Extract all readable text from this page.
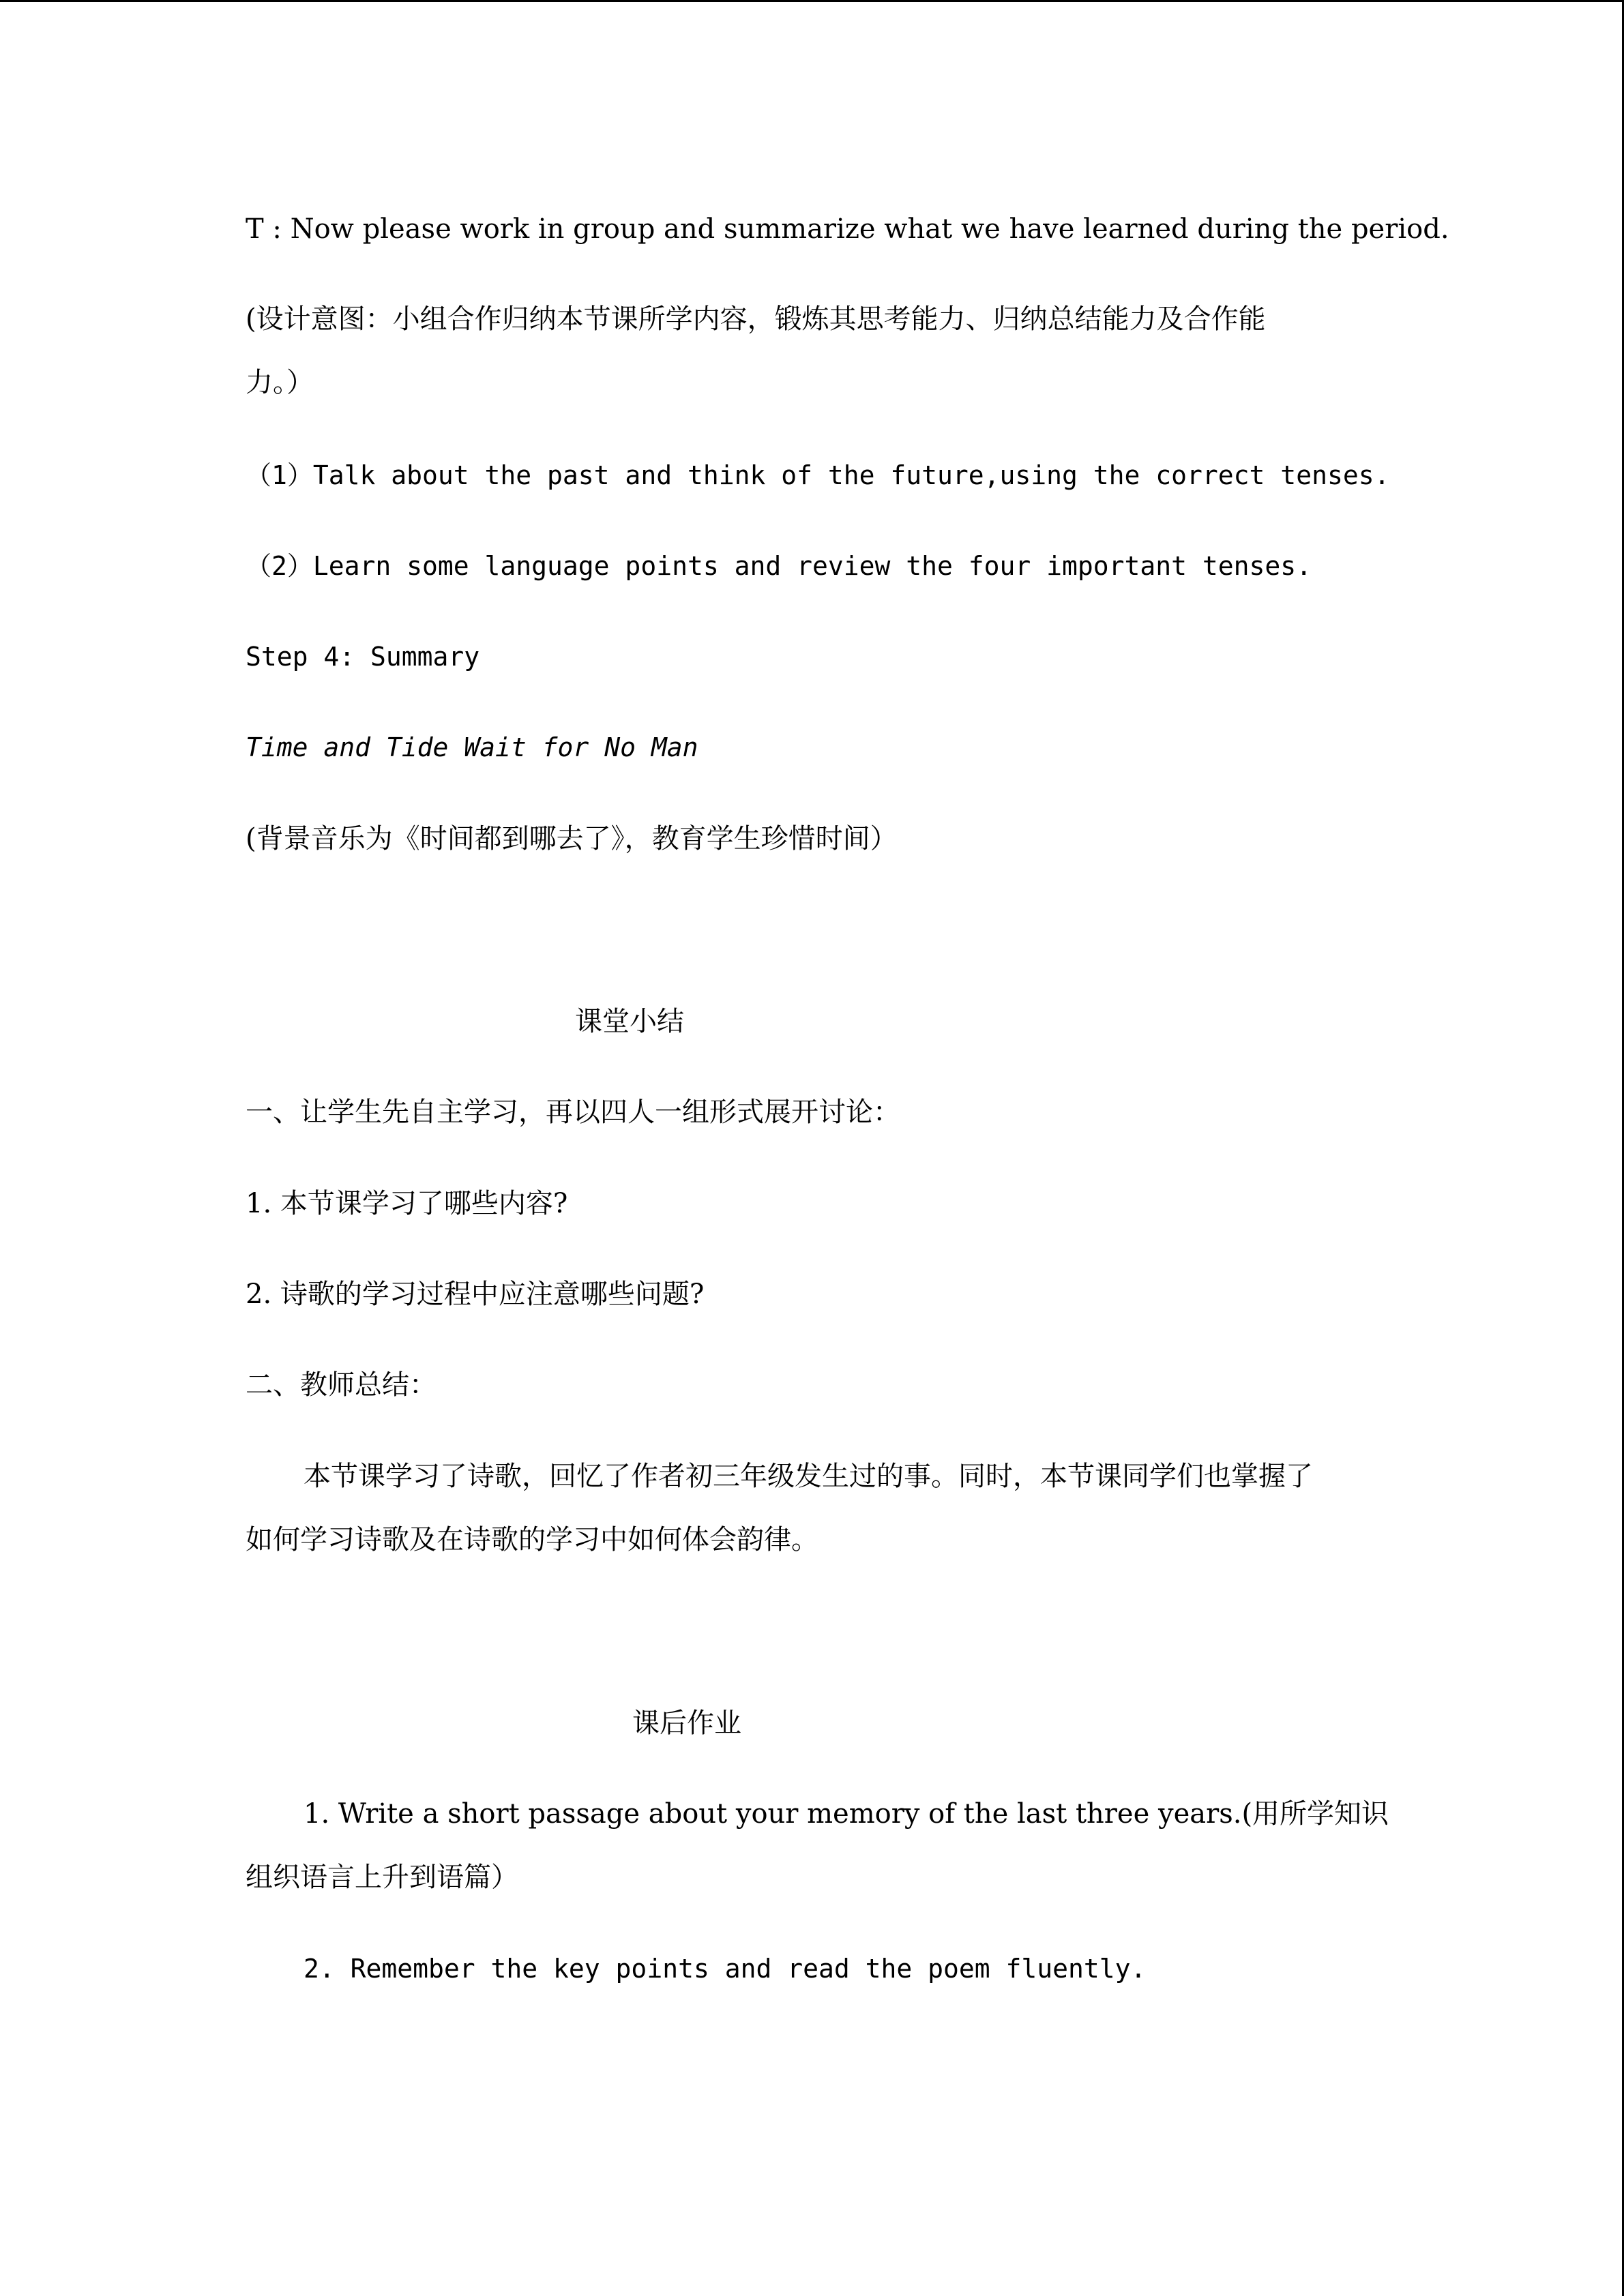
T : Now please work in group and summarize what we have learned during the period.
(设计意图：小组合作归纳本节课所学内容，锻炼其思考能力、归纳总结能力及合作能
力。）
（1）Talk about the past and think of the future,using the correct tenses.
（2）Learn some language points and review the four important tenses.
Step 4: Summary
Time and Tide Wait for No Man
(背景音乐为《时间都到哪去了》，教育学生珍惜时间）
课堂小结
一、让学生先自主学习，再以四人一组形式展开讨论：
1. 本节课学习了哪些内容?
2. 诗歌的学习过程中应注意哪些问题?
二、教师总结：
本节课学习了诗歌，回忆了作者初三年级发生过的事。同时，本节课同学们也掌握了
如何学习诗歌及在诗歌的学习中如何体会韵律。
课后作业
1. Write a short passage about your memory of the last three years.(用所学知识
组织语言上升到语篇）
2. Remember the key points and read the poem fluently.
